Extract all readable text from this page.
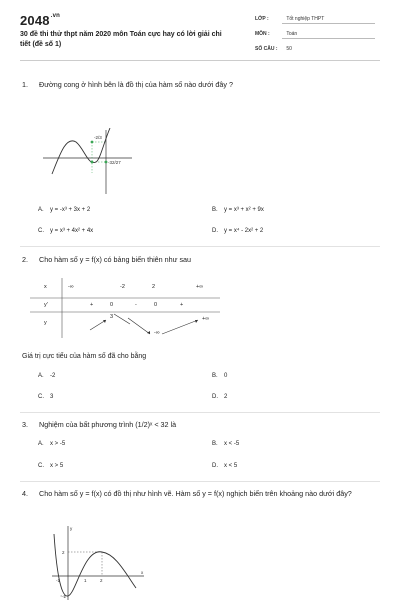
$2048^{.vn}$
30 đề thi thử thpt năm 2020 môn Toán cực hay có lời giải chi tiết (đề số 1)
LỚP :	Tốt nghiệp THPT
MÔN :	Toán
SỐ CÂU : 50
1. Đường cong ở hình bên là đồ thị của hàm số nào dưới đây ?
-2/3
-32/27
A. y = -x³ + 3x + 2	B. y = x³ + x² + 9x
C. y = x³ + 4x² + 4x	D. y = x⁴ - 2x² + 2
2. Cho hàm số y = f(x) có bảng biến thiên như sau
x	-∞	-2	2	+∞
y'	+	0	-	0	+
y
3	+∞
-∞
Giá trị cực tiểu của hàm số đã cho bằng
A. -2	B. 0
C. 3	D. 2
3. Nghiệm của bất phương trình (1/2)ˣ < 32 là
A. x > -5	B. x < -5
C. x > 5	D. x < 5
4. Cho hàm số y = f(x) có đồ thị như hình vẽ. Hàm số y = f(x) nghịch biến trên khoảng nào dưới đây?
y
2
-1	1	2
-2
x
